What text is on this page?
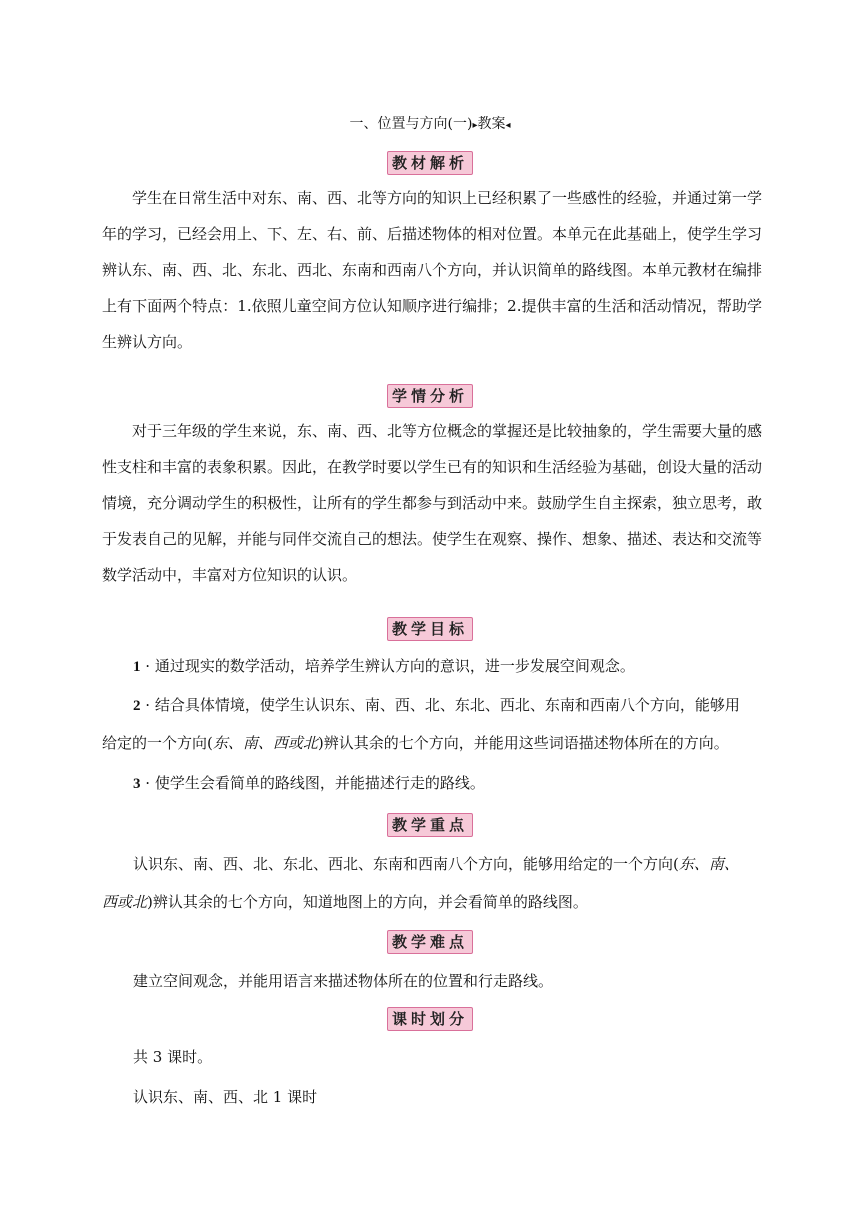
一、位置与方向(一)▸教案◂
教材解析

学生在日常生活中对东、南、西、北等方向的知识上已经积累了一些感性的经验，并通过第一学年的学习，已经会用上、下、左、右、前、后描述物体的相对位置。本单元在此基础上，使学生学习辨认东、南、西、北、东北、西北、东南和西南八个方向，并认识简单的路线图。本单元教材在编排上有下面两个特点：1.依照儿童空间方位认知顺序进行编排；2.提供丰富的生活和活动情况，帮助学生辨认方向。

学情分析

对于三年级的学生来说，东、南、西、北等方位概念的掌握还是比较抽象的，学生需要大量的感性支柱和丰富的表象积累。因此，在教学时要以学生已有的知识和生活经验为基础，创设大量的活动情境，充分调动学生的积极性，让所有的学生都参与到活动中来。鼓励学生自主探索，独立思考，敢于发表自己的见解，并能与同伴交流自己的想法。使学生在观察、操作、想象、描述、表达和交流等数学活动中，丰富对方位知识的认识。

教学目标

1 · 通过现实的数学活动，培养学生辨认方向的意识，进一步发展空间观念。

2 · 结合具体情境，使学生认识东、南、西、北、东北、西北、东南和西南八个方向，能够用

给定的一个方向(东、南、西或北)辨认其余的七个方向，并能用这些词语描述物体所在的方向。

3 · 使学生会看简单的路线图，并能描述行走的路线。

教学重点

认识东、南、西、北、东北、西北、东南和西南八个方向，能够用给定的一个方向(东、南、

西或北)辨认其余的七个方向，知道地图上的方向，并会看简单的路线图。

教学难点

建立空间观念，并能用语言来描述物体所在的位置和行走路线。

课时划分

共 3 课时。

认识东、南、西、北 1 课时
